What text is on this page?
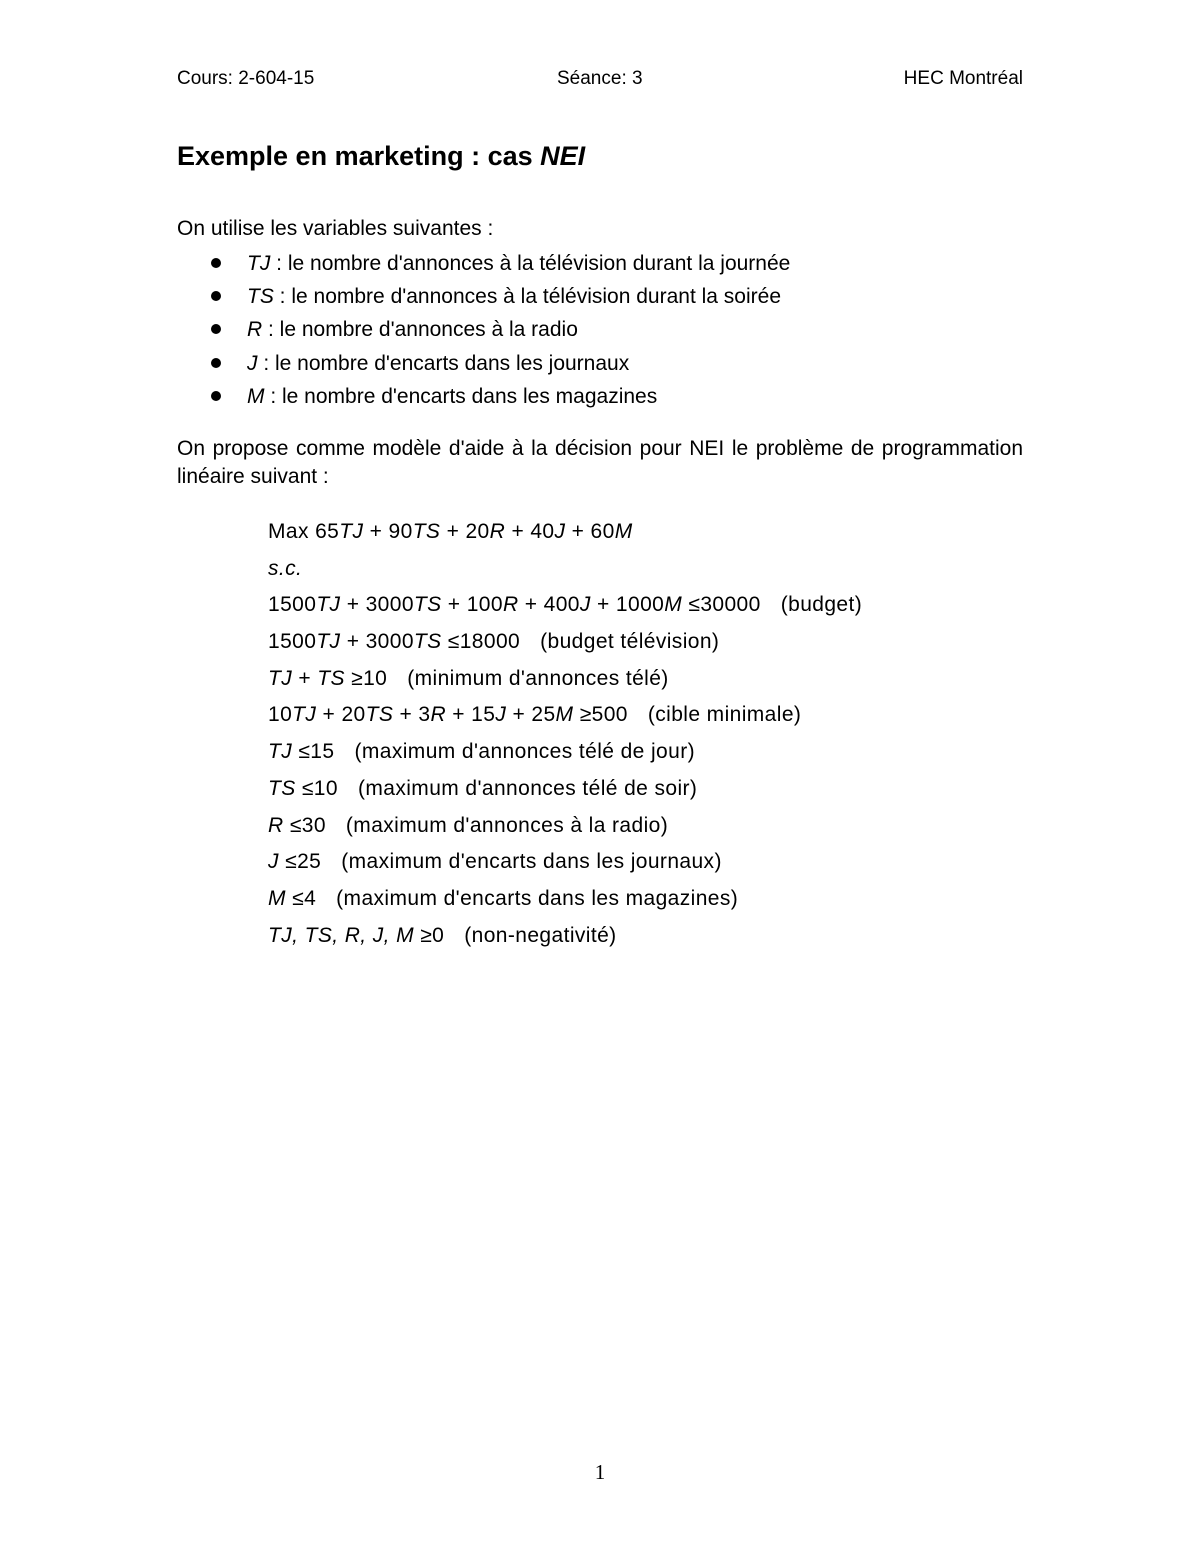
Cours: 2-604-15	Séance: 3	HEC Montréal
Exemple en marketing : cas NEI
On utilise les variables suivantes :
TJ : le nombre d'annonces à la télévision durant la journée
TS : le nombre d'annonces à la télévision durant la soirée
R : le nombre d'annonces à la radio
J : le nombre d'encarts dans les journaux
M : le nombre d'encarts dans les magazines
On propose comme modèle d'aide à la décision pour NEI le problème de programmation linéaire suivant :
Max 65TJ + 90TS + 20R + 40J + 60M
s.c.
1500TJ + 3000TS + 100R + 400J + 1000M ≤30000 (budget)
1500TJ + 3000TS ≤18000 (budget télévision)
TJ + TS ≥10 (minimum d'annonces télé)
10TJ + 20TS + 3R + 15J + 25M ≥500 (cible minimale)
TJ ≤15 (maximum d'annonces télé de jour)
TS ≤10 (maximum d'annonces télé de soir)
R ≤30 (maximum d'annonces à la radio)
J ≤25 (maximum d'encarts dans les journaux)
M ≤4 (maximum d'encarts dans les magazines)
TJ, TS, R, J, M ≥0 (non-negativité)
1
